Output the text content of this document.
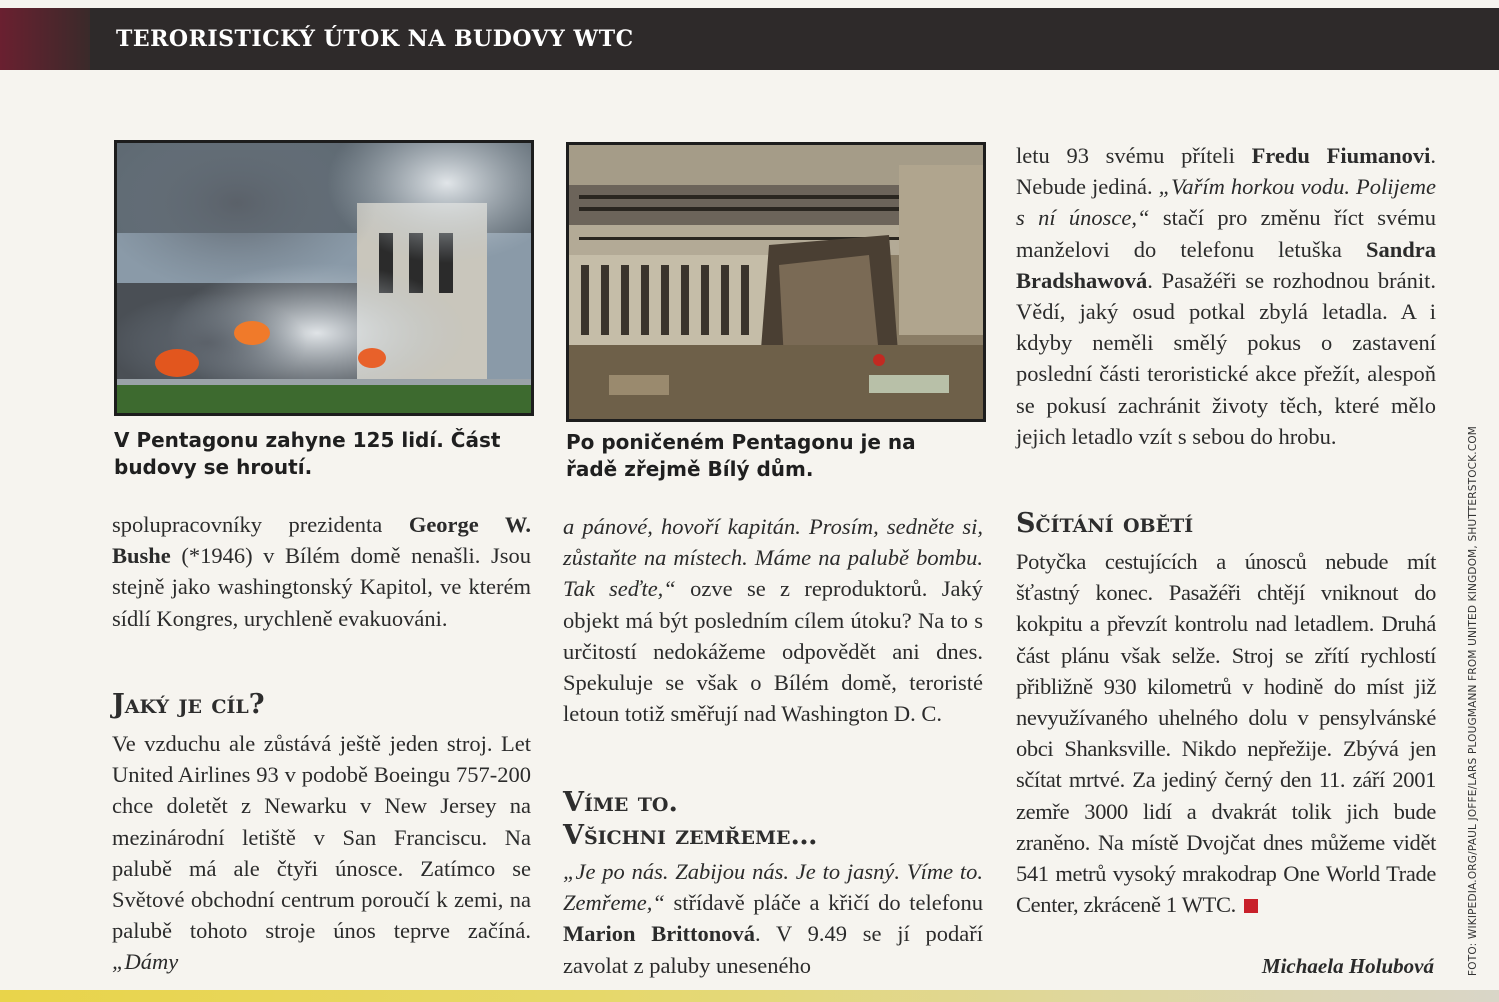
TERORISTICKÝ ÚTOK NA BUDOVY WTC
V Pentagonu zahyne 125 lidí. Část budovy se hroutí.
Po poničeném Pentagonu je na řadě zřejmě Bílý dům.

spolupracovníky prezidenta George W. Bushe (*1946) v Bílém domě nenašli. Jsou stejně jako washingtonský Kapitol, ve kterém sídlí Kongres, urychleně evakuováni.

Jaký je cíl?

Ve vzduchu ale zůstává ještě jeden stroj. Let United Airlines 93 v podobě Boeingu 757-200 chce doletět z Newarku v New Jersey na mezinárodní letiště v San Franciscu. Na palubě má ale čtyři únosce. Zatímco se Světové obchodní centrum poroučí k zemi, na palubě tohoto stroje únos teprve začíná. „Dámy

a pánové, hovoří kapitán. Prosím, sedněte si, zůstaňte na místech. Máme na palubě bombu. Tak seďte,“ ozve se z reproduktorů. Jaký objekt má být posledním cílem útoku? Na to s určitostí nedokážeme odpovědět ani dnes. Spekuluje se však o Bílém domě, teroristé letoun totiž směřují nad Washington D. C.

Víme to.
Všichni zemřeme…

„Je po nás. Zabijou nás. Je to jasný. Víme to. Zemřeme,“ střídavě pláče a křičí do telefonu Marion Brittonová. V 9.49 se jí podaří zavolat z paluby uneseného

letu 93 svému příteli Fredu Fiumanovi. Nebude jediná. „Vařím horkou vodu. Polijeme s ní únosce,“ stačí pro změnu říct svému manželovi do telefonu letuška Sandra Bradshawová. Pasažéři se rozhodnou bránit. Vědí, jaký osud potkal zbylá letadla. A i kdyby neměli smělý pokus o zastavení poslední části teroristické akce přežít, alespoň se pokusí zachránit životy těch, které mělo jejich letadlo vzít s sebou do hrobu.

Sčítání obětí

Potyčka cestujících a únosců nebude mít šťastný konec. Pasažéři chtějí vniknout do kokpitu a převzít kontrolu nad letadlem. Druhá část plánu však selže. Stroj se zřítí rychlostí přibližně 930 kilometrů v hodině do míst již nevyužívaného uhelného dolu v pensylvánské obci Shanksville. Nikdo nepřežije. Zbývá jen sčítat mrtvé. Za jediný černý den 11. září 2001 zemře 3000 lidí a dvakrát tolik jich bude zraněno. Na místě Dvojčat dnes můžeme vidět 541 metrů vysoký mrakodrap One World Trade Center, zkráceně 1 WTC.

Michaela Holubová	FOTO: WIKIPEDIA.ORG/PAUL JOFFE/LARS PLOUGMANN FROM UNITED KINGDOM, SHUTTERSTOCK.COM
